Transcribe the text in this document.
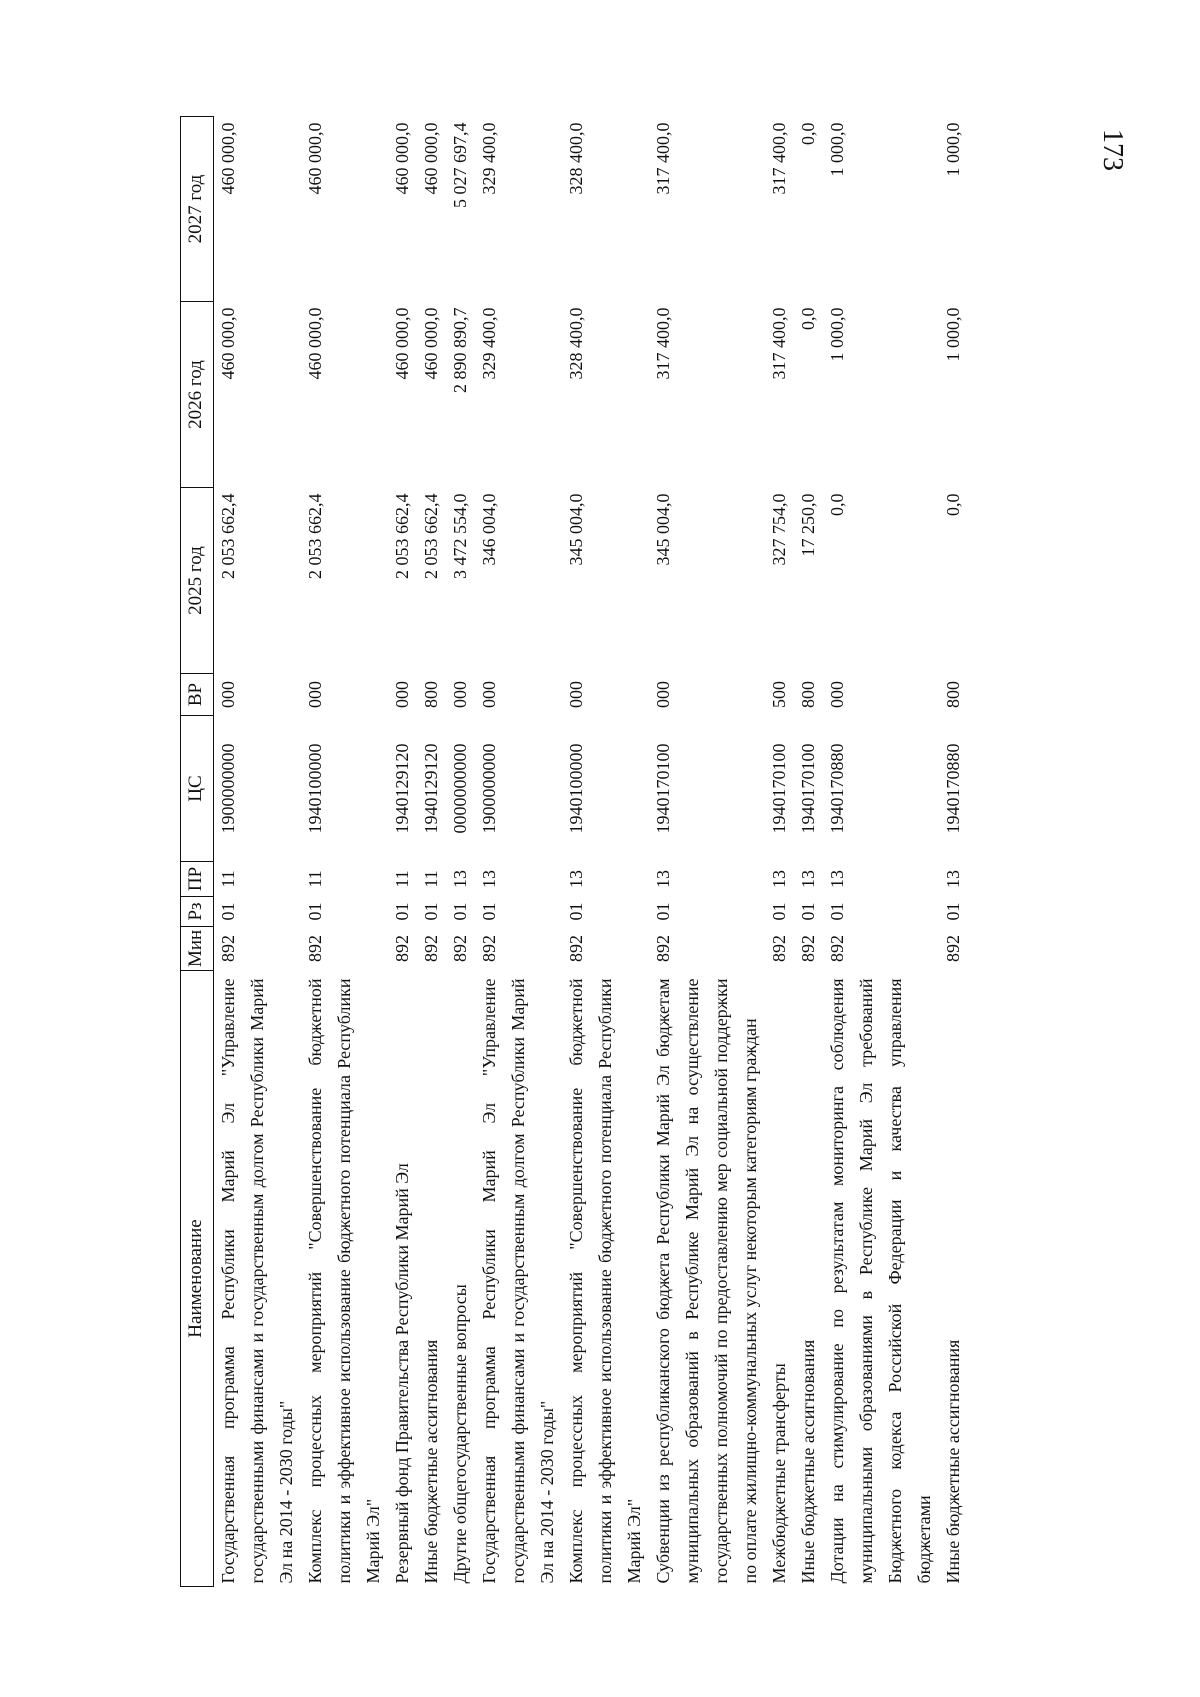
173
Наименование	Мин	Рз	ПР	ЦС	ВР	2025 год	2026 год	2027 год
Государственная программа Республики Марий Эл "Управление государственными финансами и государственным долгом Республики Марий Эл на 2014 - 2030 годы"	892	01	11	1900000000	000	2 053 662,4	460 000,0	460 000,0
Комплекс процессных мероприятий "Совершенствование бюджетной политики и эффективное использование бюджетного потенциала Республики Марий Эл"	892	01	11	1940100000	000	2 053 662,4	460 000,0	460 000,0
Резервный фонд Правительства Республики Марий Эл	892	01	11	1940129120	000	2 053 662,4	460 000,0	460 000,0
Иные бюджетные ассигнования	892	01	11	1940129120	800	2 053 662,4	460 000,0	460 000,0
Другие общегосударственные вопросы	892	01	13	0000000000	000	3 472 554,0	2 890 890,7	5 027 697,4
Государственная программа Республики Марий Эл "Управление государственными финансами и государственным долгом Республики Марий Эл на 2014 - 2030 годы"	892	01	13	1900000000	000	346 004,0	329 400,0	329 400,0
Комплекс процессных мероприятий "Совершенствование бюджетной политики и эффективное использование бюджетного потенциала Республики Марий Эл"	892	01	13	1940100000	000	345 004,0	328 400,0	328 400,0
Субвенции из республиканского бюджета Республики Марий Эл бюджетам муниципальных образований в Республике Марий Эл на осуществление государственных полномочий по предоставлению мер социальной поддержки по оплате жилищно-коммунальных услуг некоторым категориям граждан	892	01	13	1940170100	000	345 004,0	317 400,0	317 400,0
Межбюджетные трансферты	892	01	13	1940170100	500	327 754,0	317 400,0	317 400,0
Иные бюджетные ассигнования	892	01	13	1940170100	800	17 250,0	0,0	0,0
Дотации на стимулирование по результатам мониторинга соблюдения муниципальными образованиями в Республике Марий Эл требований Бюджетного кодекса Российской Федерации и качества управления бюджетами	892	01	13	1940170880	000	0,0	1 000,0	1 000,0
Иные бюджетные ассигнования	892	01	13	1940170880	800	0,0	1 000,0	1 000,0
